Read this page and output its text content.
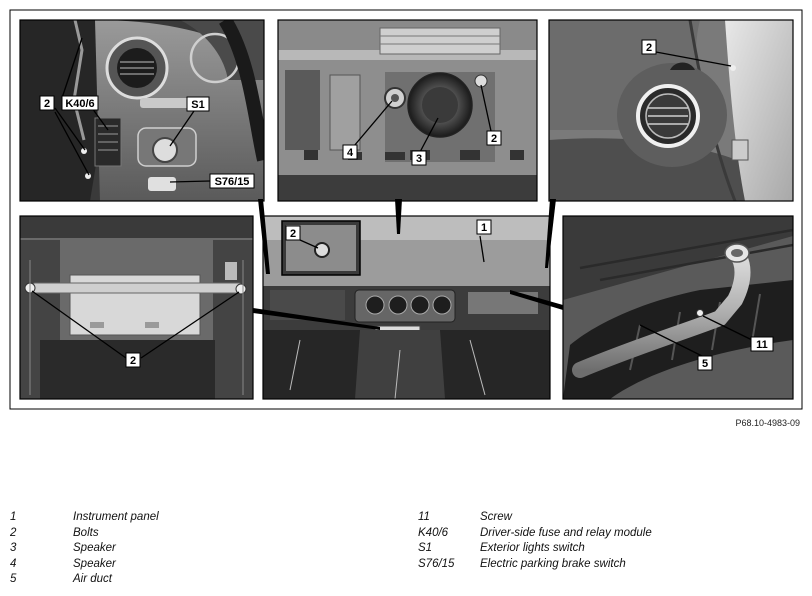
2 K40/6	S1
S76/15
4	3
2
2
2
2	1
11
5
P68.10-4983-09
1	Instrument panel
2	Bolts
3	Speaker
4	Speaker
5	Air duct
11	Screw
K40/6	Driver-side fuse and relay module
S1	Exterior lights switch
S76/15 Electric parking brake switch
